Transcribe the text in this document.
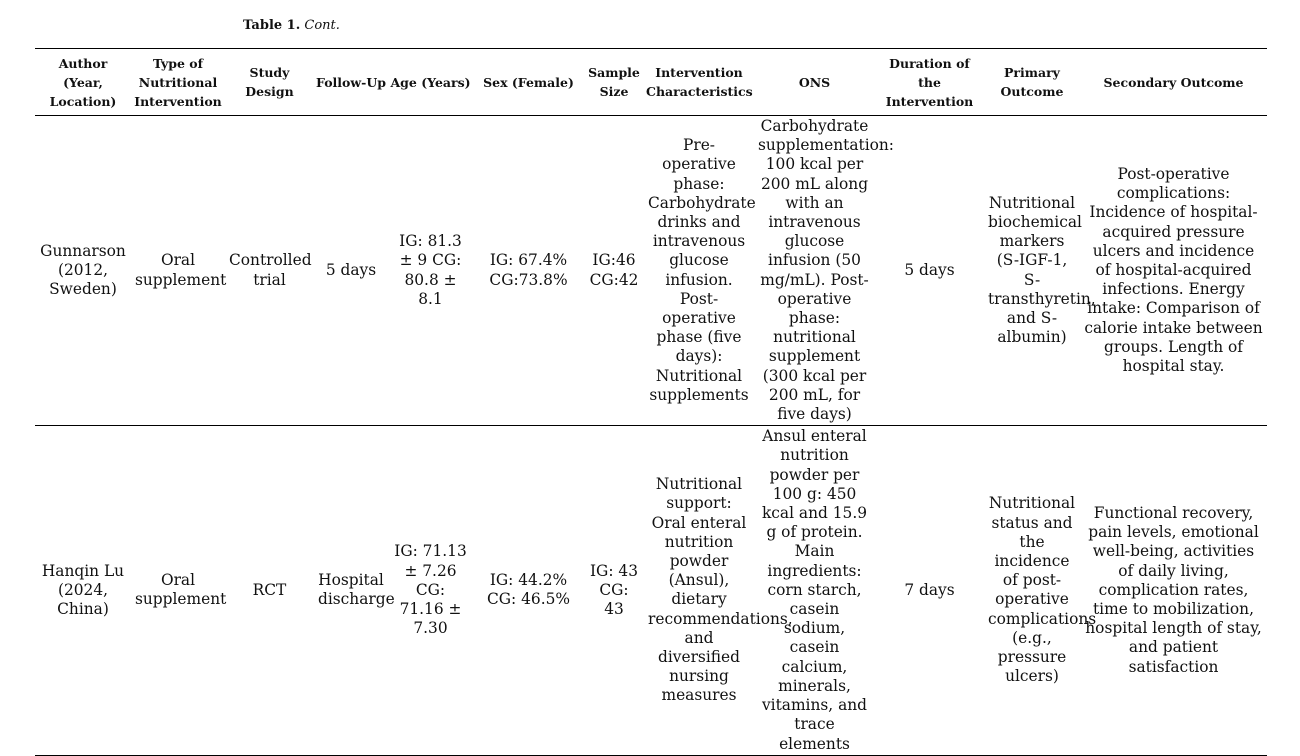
Table 1. Cont.
Author (Year, Location)	Type of Nutritional Intervention	Study Design	Follow-Up	Age (Years)	Sex (Female)	Sample Size	Intervention Characteristics	ONS	Duration of the Intervention	Primary Outcome	Secondary Outcome
Gunnarson (2012, Sweden)	Oral supplement	Controlled trial	5 days	IG: 81.3 ± 9 CG: 80.8 ± 8.1	IG: 67.4% CG:73.8%	IG:46 CG:42	Pre-operative phase: Carbohydrate drinks and intravenous glucose infusion. Post-operative phase (five days): Nutritional supplements	Carbohydrate supplementation: 100 kcal per 200 mL along with an intravenous glucose infusion (50 mg/mL). Post-operative phase: nutritional supplement (300 kcal per 200 mL, for five days)	5 days	Nutritional biochemical markers (S-IGF-1, S-transthyretin, and S-albumin)	Post-operative complications: Incidence of hospital-acquired pressure ulcers and incidence of hospital-acquired infections. Energy intake: Comparison of calorie intake between groups. Length of hospital stay.
Hanqin Lu (2024, China)	Oral supplement	RCT	Hospital discharge	IG: 71.13 ± 7.26 CG: 71.16 ± 7.30	IG: 44.2% CG: 46.5%	IG: 43 CG: 43	Nutritional support: Oral enteral nutrition powder (Ansul), dietary recommendations, and diversified nursing measures	Ansul enteral nutrition powder per 100 g: 450 kcal and 15.9 g of protein. Main ingredients: corn starch, casein sodium, casein calcium, minerals, vitamins, and trace elements	7 days	Nutritional status and the incidence of post-operative complications (e.g., pressure ulcers)	Functional recovery, pain levels, emotional well-being, activities of daily living, complication rates, time to mobilization, hospital length of stay, and patient satisfaction
